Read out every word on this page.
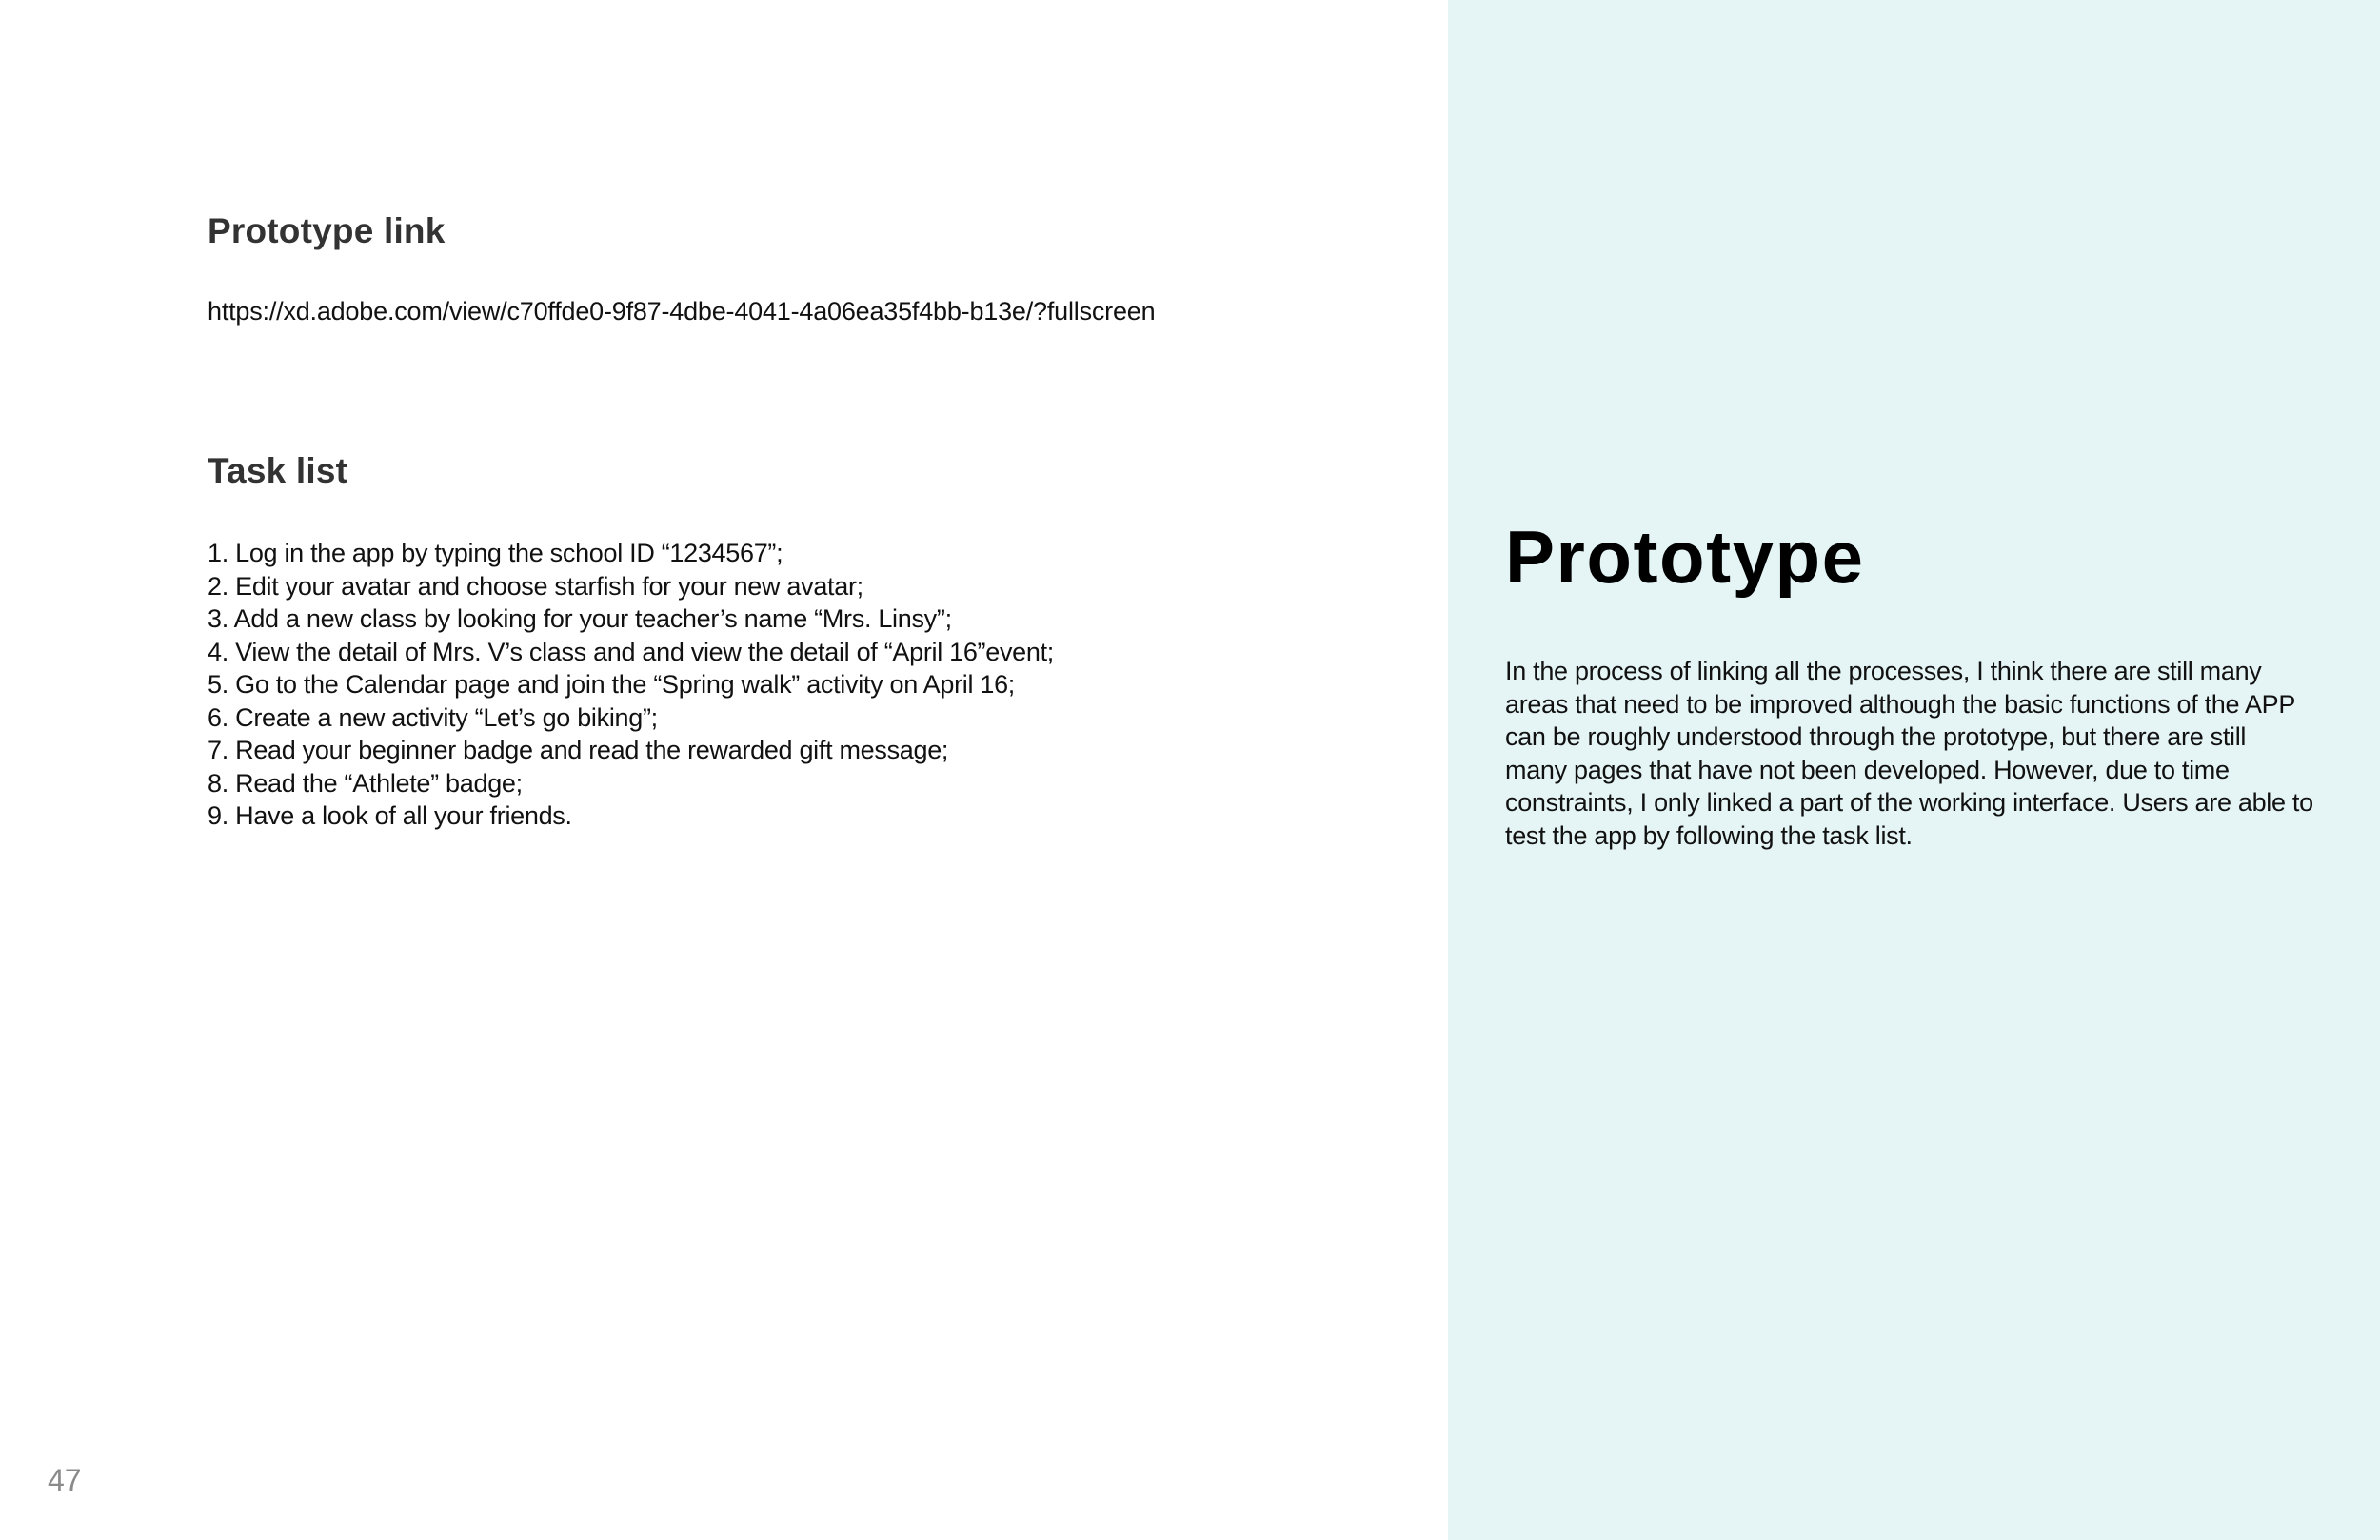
Prototype link
https://xd.adobe.com/view/c70ffde0-9f87-4dbe-4041-4a06ea35f4bb-b13e/?fullscreen
Task list
1. Log in the app by typing the school ID “1234567”;
2. Edit your avatar and choose starfish for your new avatar;
3. Add a new class by looking for your teacher’s name “Mrs. Linsy”;
4. View the detail of Mrs. V’s class and and view the detail of “April 16”event;
5. Go to the Calendar page and join the “Spring walk” activity on April 16;
6. Create a new activity “Let’s go biking”;
7. Read your beginner badge and read the rewarded gift message;
8. Read the “Athlete” badge;
9. Have a look of all your friends.
47
Prototype

In the process of linking all the processes, I think there are still many areas that need to be improved although the basic functions of the APP can be roughly understood through the prototype, but there are still many pages that have not been developed. However, due to time constraints, I only linked a part of the working interface. Users are able to test the app by following the task list.
